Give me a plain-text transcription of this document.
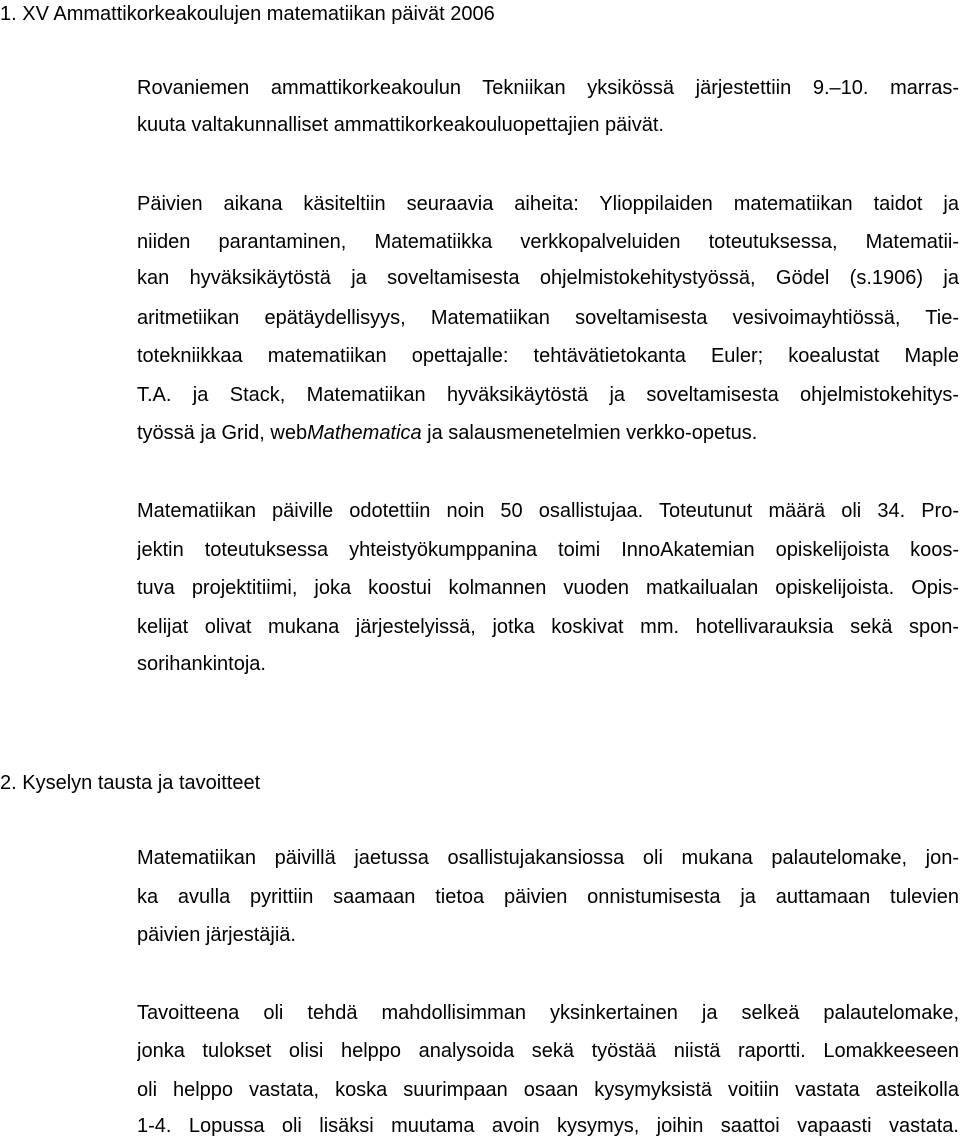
1. XV Ammattikorkeakoulujen matematiikan päivät 2006
Rovaniemen ammattikorkeakoulun Tekniikan yksikössä järjestettiin 9.‒10. marras-
kuuta valtakunnalliset ammattikorkeakouluopettajien päivät.
Päivien aikana käsiteltiin seuraavia aiheita: Ylioppilaiden matematiikan taidot ja
niiden parantaminen, Matematiikka verkkopalveluiden toteutuksessa, Matematii-
kan hyväksikäytöstä ja soveltamisesta ohjelmistokehitystyössä, Gödel (s.1906) ja
aritmetiikan epätäydellisyys, Matematiikan soveltamisesta vesivoimayhtiössä, Tie-
totekniikkaa matematiikan opettajalle: tehtävätietokanta Euler; koealustat Maple
T.A. ja Stack, Matematiikan hyväksikäytöstä ja soveltamisesta ohjelmistokehitys-
työssä ja Grid, webMathematica ja salausmenetelmien verkko-opetus.
Matematiikan päiville odotettiin noin 50 osallistujaa. Toteutunut määrä oli 34. Pro-
jektin toteutuksessa yhteistyökumppanina toimi InnoAkatemian opiskelijoista koos-
tuva projektitiimi, joka koostui kolmannen vuoden matkailualan opiskelijoista. Opis-
kelijat olivat mukana järjestelyissä, jotka koskivat mm. hotellivarauksia sekä spon-
sorihankintoja.
2. Kyselyn tausta ja tavoitteet
Matematiikan päivillä jaetussa osallistujakansiossa oli mukana palautelomake, jon-
ka avulla pyrittiin saamaan tietoa päivien onnistumisesta ja auttamaan tulevien
päivien järjestäjiä.
Tavoitteena oli tehdä mahdollisimman yksinkertainen ja selkeä palautelomake,
jonka tulokset olisi helppo analysoida sekä työstää niistä raportti. Lomakkeeseen
oli helppo vastata, koska suurimpaan osaan kysymyksistä voitiin vastata asteikolla
1-4. Lopussa oli lisäksi muutama avoin kysymys, joihin saattoi vapaasti vastata.
